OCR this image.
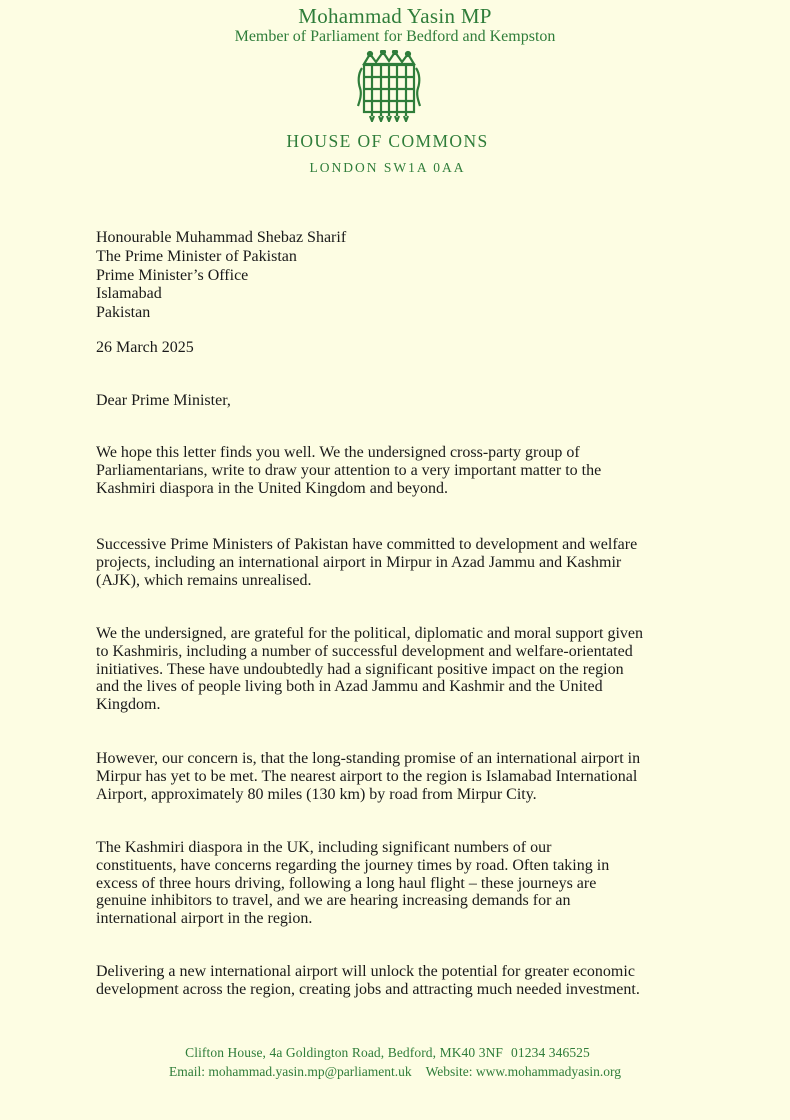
Mohammad Yasin MP
Member of Parliament for Bedford and Kempston
HOUSE OF COMMONS
LONDON SW1A 0AA
Honourable Muhammad Shebaz Sharif
The Prime Minister of Pakistan
Prime Minister’s Office
Islamabad
Pakistan
26 March 2025
Dear Prime Minister,
We hope this letter finds you well. We the undersigned cross-party group of
Parliamentarians, write to draw your attention to a very important matter to the
Kashmiri diaspora in the United Kingdom and beyond.
Successive Prime Ministers of Pakistan have committed to development and welfare
projects, including an international airport in Mirpur in Azad Jammu and Kashmir
(AJK), which remains unrealised.
We the undersigned, are grateful for the political, diplomatic and moral support given
to Kashmiris, including a number of successful development and welfare-orientated
initiatives. These have undoubtedly had a significant positive impact on the region
and the lives of people living both in Azad Jammu and Kashmir and the United
Kingdom.
However, our concern is, that the long-standing promise of an international airport in
Mirpur has yet to be met. The nearest airport to the region is Islamabad International
Airport, approximately 80 miles (130 km) by road from Mirpur City.
The Kashmiri diaspora in the UK, including significant numbers of our
constituents, have concerns regarding the journey times by road. Often taking in
excess of three hours driving, following a long haul flight – these journeys are
genuine inhibitors to travel, and we are hearing increasing demands for an
international airport in the region.
Delivering a new international airport will unlock the potential for greater economic
development across the region, creating jobs and attracting much needed investment.
Clifton House, 4a Goldington Road, Bedford, MK40 3NF 01234 346525
Email: mohammad.yasin.mp@parliament.uk Website: www.mohammadyasin.org
